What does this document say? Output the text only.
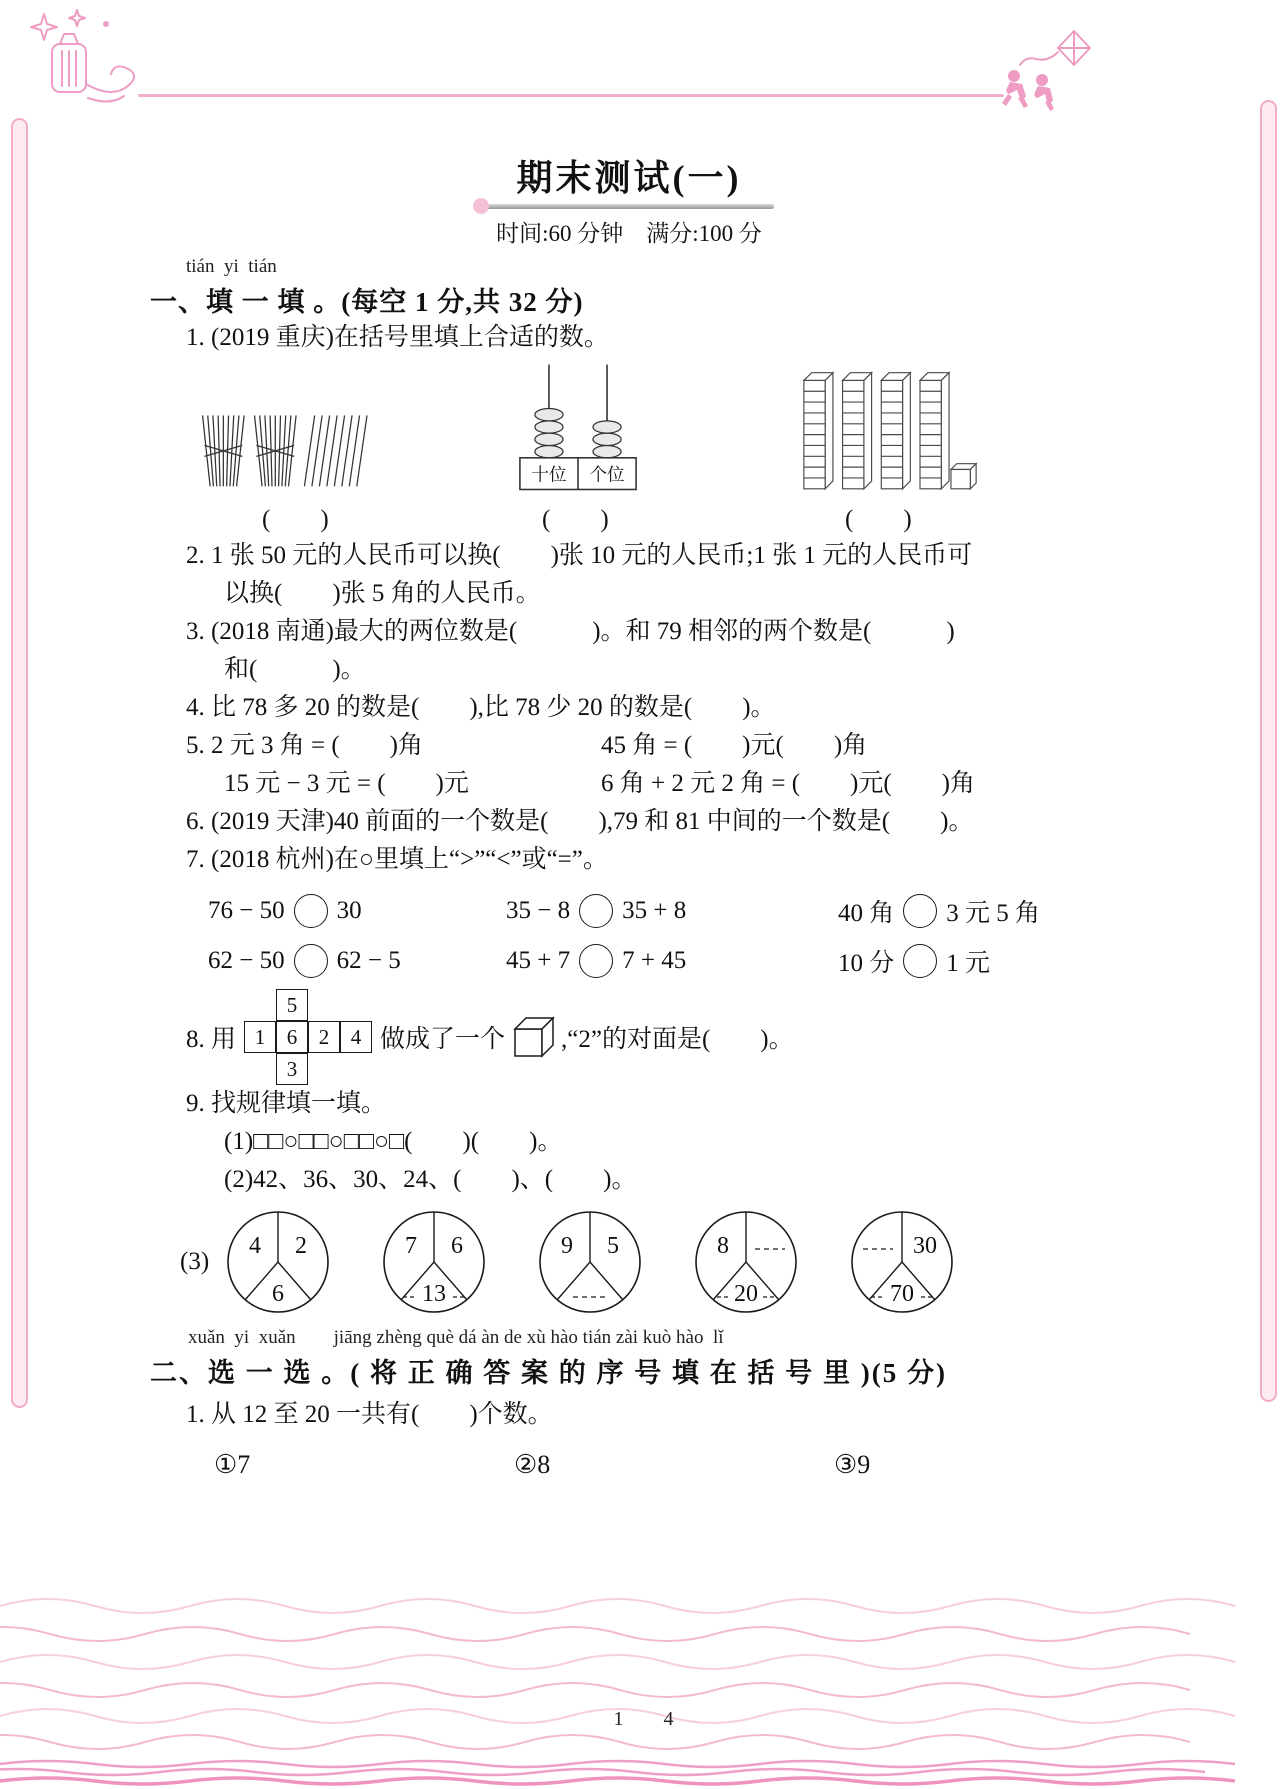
期末测试(一)
时间:60 分钟　满分:100 分
tián  yi  tián
一、填 一 填 。(每空 1 分,共 32 分)
1. (2019 重庆)在括号里填上合适的数。
十位 个位
(　　)	(　　)	(　　)
2. 1 张 50 元的人民币可以换(　　)张 10 元的人民币;1 张 1 元的人民币可
以换(　　)张 5 角的人民币。
3. (2018 南通)最大的两位数是(　　　)。和 79 相邻的两个数是(　　　)
和(　　　)。
4. 比 78 多 20 的数是(　　),比 78 少 20 的数是(　　)。
5. 2 元 3 角 = (　　)角	45 角 = (　　)元(　　)角
15 元 − 3 元 = (　　)元	6 角 + 2 元 2 角 = (　　)元(　　)角
6. (2019 天津)40 前面的一个数是(　　),79 和 81 中间的一个数是(　　)。
7. (2018 杭州)在○里填上“>”“<”或“=”。
76 − 50 30	35 − 8 35 + 8	40 角 3 元 5 角
62 − 50 62 − 5	45 + 7 7 + 45	10 分 1 元
8. 用
5
1	6	2	4
3
做成了一个 ,“2”的对面是(　　)。
9. 找规律填一填。
(1)□□○□□○□□○□(　　)(　　)。
(2)42、36、30、24、(　　)、(　　)。
(3)
4 2
6
7 6
13
9 5	8
20
30
70
xuǎn  yi  xuǎn        jiāng zhèng què dá àn de xù hào tián zài kuò hào  lǐ
二、选 一 选 。( 将 正 确 答 案 的 序 号 填 在 括 号 里 )(5 分)
1. 从 12 至 20 一共有(　　)个数。
①7	②8	③9
1 4
